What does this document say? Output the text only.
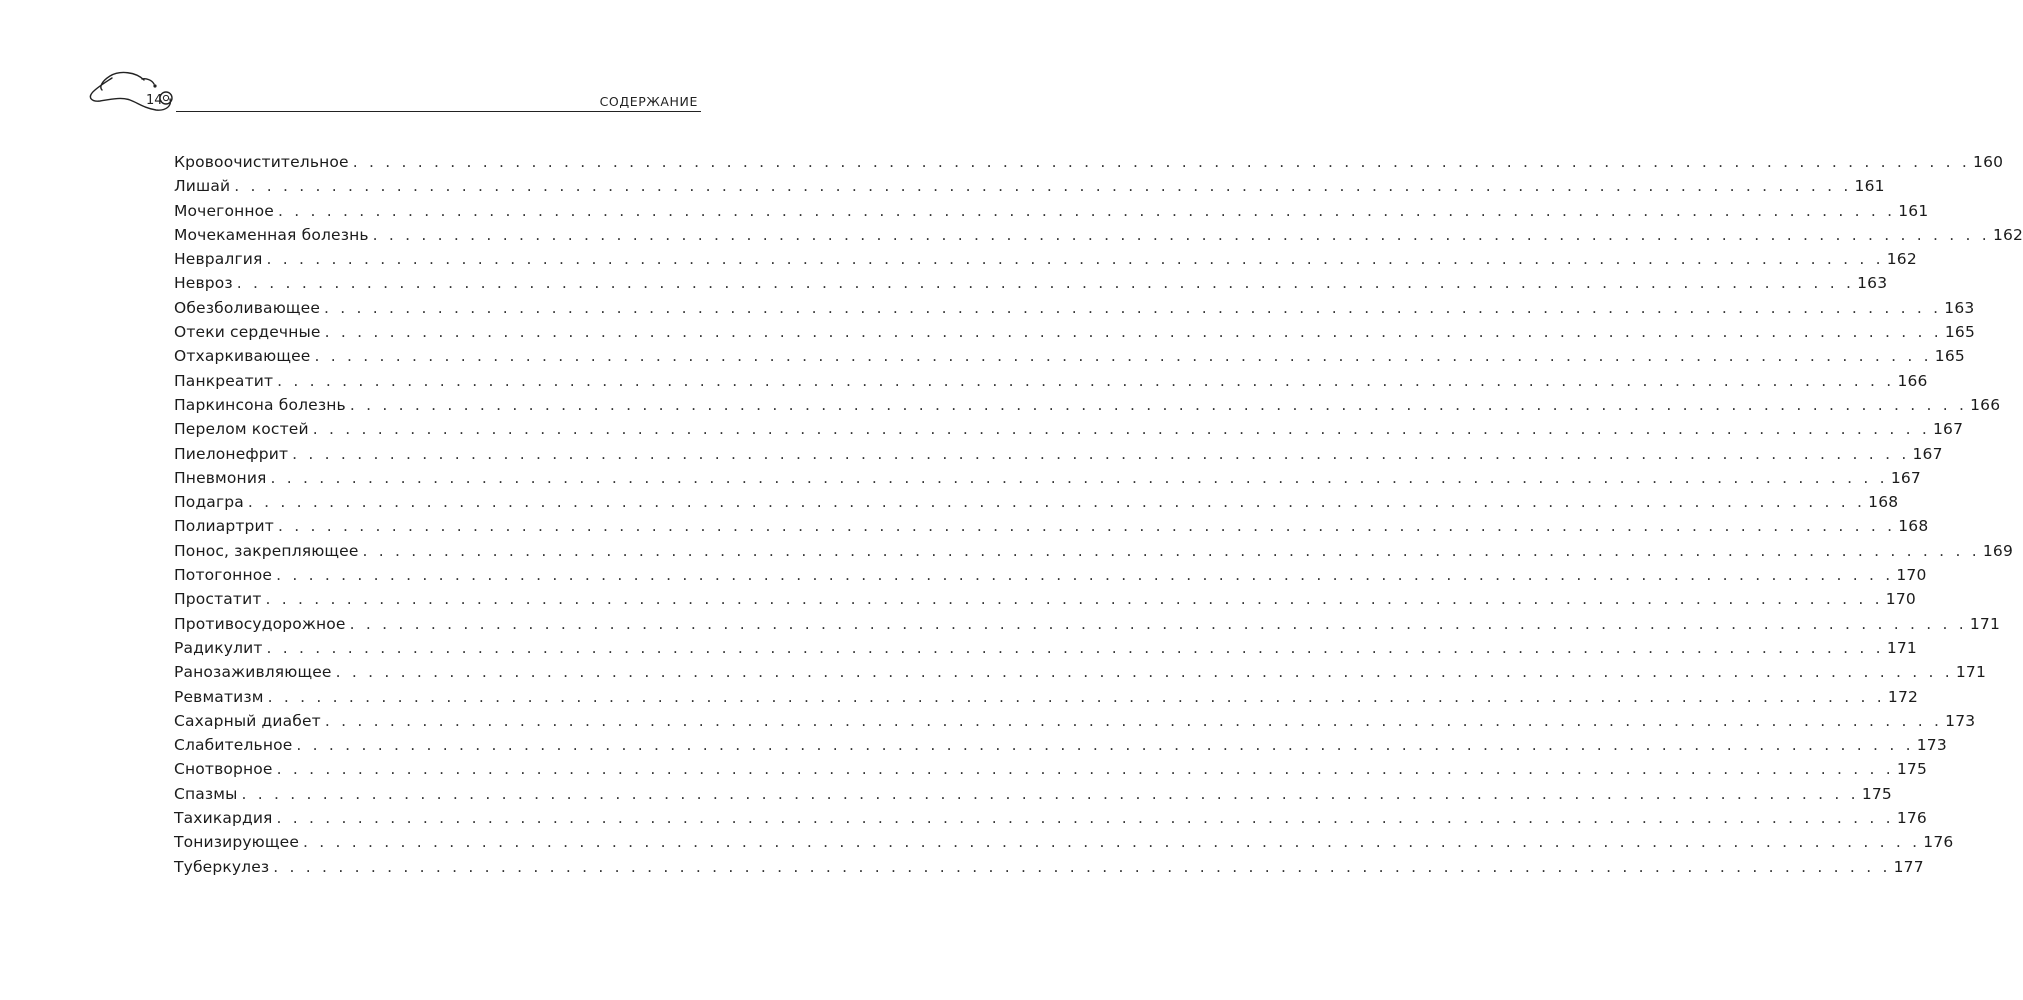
14	СОДЕРЖАНИЕ
Кровоочистительное . . . . . . . . . . . . . . . . . . . . . . . . . . . . . . . . . . . . . . . . . . . . . . . . . . . . . . . . . . . . . . . . . . . . . . . . . . . . . . . . . . . . . . . . . . . . . . . . . . . . 160
Лишай . . . . . . . . . . . . . . . . . . . . . . . . . . . . . . . . . . . . . . . . . . . . . . . . . . . . . . . . . . . . . . . . . . . . . . . . . . . . . . . . . . . . . . . . . . . . . . . . . . . . 161
Мочегонное . . . . . . . . . . . . . . . . . . . . . . . . . . . . . . . . . . . . . . . . . . . . . . . . . . . . . . . . . . . . . . . . . . . . . . . . . . . . . . . . . . . . . . . . . . . . . . . . . . . . 161
Мочекаменная болезнь . . . . . . . . . . . . . . . . . . . . . . . . . . . . . . . . . . . . . . . . . . . . . . . . . . . . . . . . . . . . . . . . . . . . . . . . . . . . . . . . . . . . . . . . . . . . . . . . . . . . 162
Невралгия . . . . . . . . . . . . . . . . . . . . . . . . . . . . . . . . . . . . . . . . . . . . . . . . . . . . . . . . . . . . . . . . . . . . . . . . . . . . . . . . . . . . . . . . . . . . . . . . . . . . 162
Невроз . . . . . . . . . . . . . . . . . . . . . . . . . . . . . . . . . . . . . . . . . . . . . . . . . . . . . . . . . . . . . . . . . . . . . . . . . . . . . . . . . . . . . . . . . . . . . . . . . . . . 163
Обезболивающее . . . . . . . . . . . . . . . . . . . . . . . . . . . . . . . . . . . . . . . . . . . . . . . . . . . . . . . . . . . . . . . . . . . . . . . . . . . . . . . . . . . . . . . . . . . . . . . . . . . . 163
Отеки сердечные . . . . . . . . . . . . . . . . . . . . . . . . . . . . . . . . . . . . . . . . . . . . . . . . . . . . . . . . . . . . . . . . . . . . . . . . . . . . . . . . . . . . . . . . . . . . . . . . . . . . 165
Отхаркивающее . . . . . . . . . . . . . . . . . . . . . . . . . . . . . . . . . . . . . . . . . . . . . . . . . . . . . . . . . . . . . . . . . . . . . . . . . . . . . . . . . . . . . . . . . . . . . . . . . . . . 165
Панкреатит . . . . . . . . . . . . . . . . . . . . . . . . . . . . . . . . . . . . . . . . . . . . . . . . . . . . . . . . . . . . . . . . . . . . . . . . . . . . . . . . . . . . . . . . . . . . . . . . . . . . 166
Паркинсона болезнь . . . . . . . . . . . . . . . . . . . . . . . . . . . . . . . . . . . . . . . . . . . . . . . . . . . . . . . . . . . . . . . . . . . . . . . . . . . . . . . . . . . . . . . . . . . . . . . . . . . . 166
Перелом костей . . . . . . . . . . . . . . . . . . . . . . . . . . . . . . . . . . . . . . . . . . . . . . . . . . . . . . . . . . . . . . . . . . . . . . . . . . . . . . . . . . . . . . . . . . . . . . . . . . . . 167
Пиелонефрит . . . . . . . . . . . . . . . . . . . . . . . . . . . . . . . . . . . . . . . . . . . . . . . . . . . . . . . . . . . . . . . . . . . . . . . . . . . . . . . . . . . . . . . . . . . . . . . . . . . . 167
Пневмония . . . . . . . . . . . . . . . . . . . . . . . . . . . . . . . . . . . . . . . . . . . . . . . . . . . . . . . . . . . . . . . . . . . . . . . . . . . . . . . . . . . . . . . . . . . . . . . . . . . . 167
Подагра . . . . . . . . . . . . . . . . . . . . . . . . . . . . . . . . . . . . . . . . . . . . . . . . . . . . . . . . . . . . . . . . . . . . . . . . . . . . . . . . . . . . . . . . . . . . . . . . . . . . 168
Полиартрит . . . . . . . . . . . . . . . . . . . . . . . . . . . . . . . . . . . . . . . . . . . . . . . . . . . . . . . . . . . . . . . . . . . . . . . . . . . . . . . . . . . . . . . . . . . . . . . . . . . . 168
Понос, закрепляющее . . . . . . . . . . . . . . . . . . . . . . . . . . . . . . . . . . . . . . . . . . . . . . . . . . . . . . . . . . . . . . . . . . . . . . . . . . . . . . . . . . . . . . . . . . . . . . . . . . . . 169
Потогонное . . . . . . . . . . . . . . . . . . . . . . . . . . . . . . . . . . . . . . . . . . . . . . . . . . . . . . . . . . . . . . . . . . . . . . . . . . . . . . . . . . . . . . . . . . . . . . . . . . . . 170
Простатит . . . . . . . . . . . . . . . . . . . . . . . . . . . . . . . . . . . . . . . . . . . . . . . . . . . . . . . . . . . . . . . . . . . . . . . . . . . . . . . . . . . . . . . . . . . . . . . . . . . . 170
Противосудорожное . . . . . . . . . . . . . . . . . . . . . . . . . . . . . . . . . . . . . . . . . . . . . . . . . . . . . . . . . . . . . . . . . . . . . . . . . . . . . . . . . . . . . . . . . . . . . . . . . . . . 171
Радикулит . . . . . . . . . . . . . . . . . . . . . . . . . . . . . . . . . . . . . . . . . . . . . . . . . . . . . . . . . . . . . . . . . . . . . . . . . . . . . . . . . . . . . . . . . . . . . . . . . . . . 171
Ранозаживляющее . . . . . . . . . . . . . . . . . . . . . . . . . . . . . . . . . . . . . . . . . . . . . . . . . . . . . . . . . . . . . . . . . . . . . . . . . . . . . . . . . . . . . . . . . . . . . . . . . . . . 171
Ревматизм . . . . . . . . . . . . . . . . . . . . . . . . . . . . . . . . . . . . . . . . . . . . . . . . . . . . . . . . . . . . . . . . . . . . . . . . . . . . . . . . . . . . . . . . . . . . . . . . . . . . 172
Сахарный диабет . . . . . . . . . . . . . . . . . . . . . . . . . . . . . . . . . . . . . . . . . . . . . . . . . . . . . . . . . . . . . . . . . . . . . . . . . . . . . . . . . . . . . . . . . . . . . . . . . . . . 173
Слабительное . . . . . . . . . . . . . . . . . . . . . . . . . . . . . . . . . . . . . . . . . . . . . . . . . . . . . . . . . . . . . . . . . . . . . . . . . . . . . . . . . . . . . . . . . . . . . . . . . . . . 173
Снотворное . . . . . . . . . . . . . . . . . . . . . . . . . . . . . . . . . . . . . . . . . . . . . . . . . . . . . . . . . . . . . . . . . . . . . . . . . . . . . . . . . . . . . . . . . . . . . . . . . . . . 175
Спазмы . . . . . . . . . . . . . . . . . . . . . . . . . . . . . . . . . . . . . . . . . . . . . . . . . . . . . . . . . . . . . . . . . . . . . . . . . . . . . . . . . . . . . . . . . . . . . . . . . . . . 175
Тахикардия . . . . . . . . . . . . . . . . . . . . . . . . . . . . . . . . . . . . . . . . . . . . . . . . . . . . . . . . . . . . . . . . . . . . . . . . . . . . . . . . . . . . . . . . . . . . . . . . . . . . 176
Тонизирующее . . . . . . . . . . . . . . . . . . . . . . . . . . . . . . . . . . . . . . . . . . . . . . . . . . . . . . . . . . . . . . . . . . . . . . . . . . . . . . . . . . . . . . . . . . . . . . . . . . . . 176
Туберкулез . . . . . . . . . . . . . . . . . . . . . . . . . . . . . . . . . . . . . . . . . . . . . . . . . . . . . . . . . . . . . . . . . . . . . . . . . . . . . . . . . . . . . . . . . . . . . . . . . . . . 177
